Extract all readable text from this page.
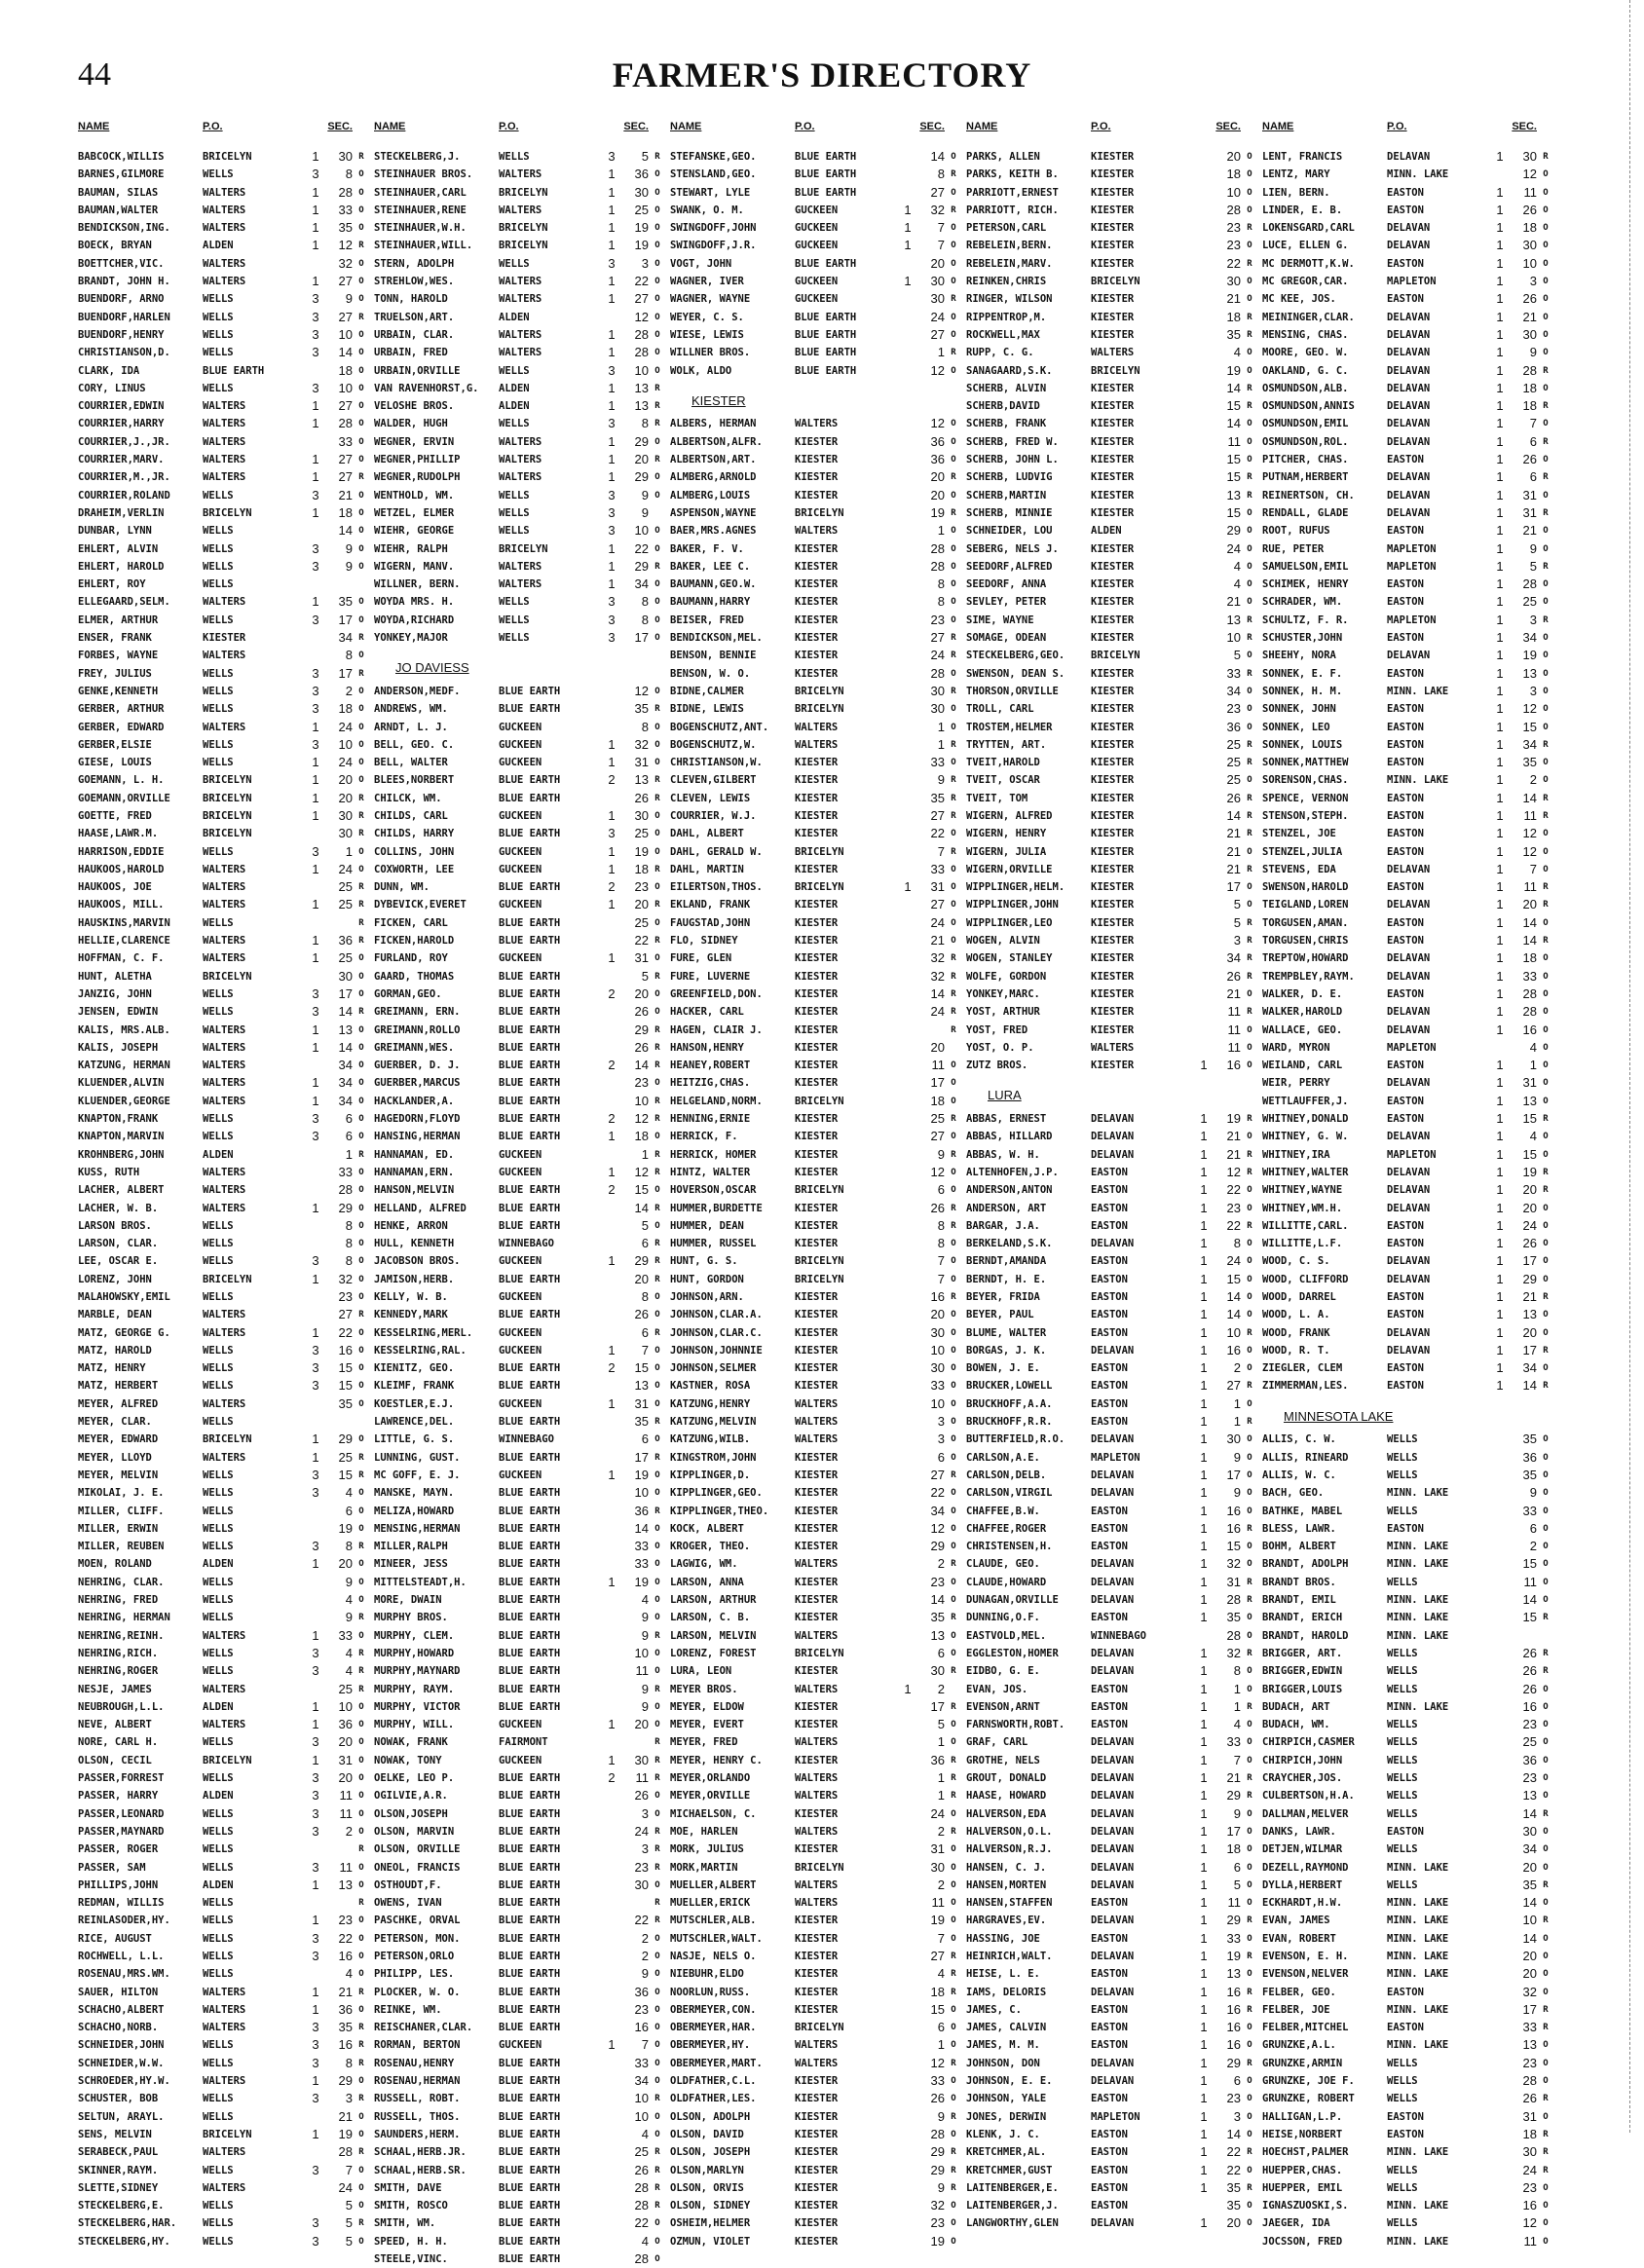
44	FARMER'S DIRECTORY
NAME	P.O.	SEC.
BABCOCK,WILLIS	BRICELYN	1	30 R
BARNES,GILMORE	WELLS	3	8 O
BAUMAN, SILAS	WALTERS	1	28 O
BAUMAN,WALTER	WALTERS	1	33 O
BENDICKSON,ING.	WALTERS	1	35 O
BOECK, BRYAN	ALDEN	1	12 R
BOETTCHER,VIC.	WALTERS	32 O
BRANDT, JOHN H.	WALTERS	1	27 O
BUENDORF, ARNO	WELLS	3	9 O
BUENDORF,HARLEN	WELLS	3	27 R
BUENDORF,HENRY	WELLS	3	10 O
CHRISTIANSON,D.	WELLS	3	14 O
CLARK, IDA	BLUE EARTH	18 O
CORY, LINUS	WELLS	3	10 O
COURRIER,EDWIN	WALTERS	1	27 O
COURRIER,HARRY	WALTERS	1	28 O
COURRIER,J.,JR.	WALTERS	33 O
COURRIER,MARV.	WALTERS	1	27 O
COURRIER,M.,JR.	WALTERS	1	27 R
COURRIER,ROLAND	WELLS	3	21 O
DRAHEIM,VERLIN	BRICELYN	1	18 O
DUNBAR, LYNN	WELLS	14 O
EHLERT, ALVIN	WELLS	3	9 O
EHLERT, HAROLD	WELLS	3	9 O
EHLERT, ROY	WELLS
ELLEGAARD,SELM.	WALTERS	1	35 O
ELMER, ARTHUR	WELLS	3	17 O
ENSER, FRANK	KIESTER	34 R
FORBES, WAYNE	WALTERS	8 O
FREY, JULIUS	WELLS	3	17 R
GENKE,KENNETH	WELLS	3	2 O
GERBER, ARTHUR	WELLS	3	18 O
GERBER, EDWARD	WALTERS	1	24 O
GERBER,ELSIE	WELLS	3	10 O
GIESE, LOUIS	WELLS	1	24 O
GOEMANN, L. H.	BRICELYN	1	20 O
GOEMANN,ORVILLE	BRICELYN	1	20 R
GOETTE, FRED	BRICELYN	1	30 R
HAASE,LAWR.M.	BRICELYN	30 R
HARRISON,EDDIE	WELLS	3	1 O
HAUKOOS,HAROLD	WALTERS	1	24 O
HAUKOOS, JOE	WALTERS	25 R
HAUKOOS, MILL.	WALTERS	1	25 R
HAUSKINS,MARVIN	WELLS	R
HELLIE,CLARENCE	WALTERS	1	36 R
HOFFMAN, C. F.	WALTERS	1	25 O
HUNT, ALETHA	BRICELYN	30 O
JANZIG, JOHN	WELLS	3	17 O
JENSEN, EDWIN	WELLS	3	14 R
KALIS, MRS.ALB.	WALTERS	1	13 O
KALIS, JOSEPH	WALTERS	1	14 O
KATZUNG, HERMAN	WALTERS	34 O
KLUENDER,ALVIN	WALTERS	1	34 O
KLUENDER,GEORGE	WALTERS	1	34 O
KNAPTON,FRANK	WELLS	3	6 O
KNAPTON,MARVIN	WELLS	3	6 O
KROHNBERG,JOHN	ALDEN	1 R
KUSS, RUTH	WALTERS	33 O
LACHER, ALBERT	WALTERS	28 O
LACHER, W. B.	WALTERS	1	29 O
LARSON BROS.	WELLS	8 O
LARSON, CLAR.	WELLS	8 O
LEE, OSCAR E.	WELLS	3	8 O
LORENZ, JOHN	BRICELYN	1	32 O
MALAHOWSKY,EMIL	WELLS	23 O
MARBLE, DEAN	WALTERS	27 R
MATZ, GEORGE G.	WALTERS	1	22 O
MATZ, HAROLD	WELLS	3	16 O
MATZ, HENRY	WELLS	3	15 O
MATZ, HERBERT	WELLS	3	15 O
MEYER, ALFRED	WALTERS	35 O
MEYER, CLAR.	WELLS
MEYER, EDWARD	BRICELYN	1	29 O
MEYER, LLOYD	WALTERS	1	25 R
MEYER, MELVIN	WELLS	3	15 R
MIKOLAI, J. E.	WELLS	3	4 O
MILLER, CLIFF.	WELLS	6 O
MILLER, ERWIN	WELLS	19 O
MILLER, REUBEN	WELLS	3	8 R
MOEN, ROLAND	ALDEN	1	20 O
NEHRING, CLAR.	WELLS	9 O
NEHRING, FRED	WELLS	4 O
NEHRING, HERMAN	WELLS	9 R
NEHRING,REINH.	WALTERS	1	33 O
NEHRING,RICH.	WELLS	3	4 R
NEHRING,ROGER	WELLS	3	4 R
NESJE, JAMES	WALTERS	25 R
NEUBROUGH,L.L.	ALDEN	1	10 O
NEVE, ALBERT	WALTERS	1	36 O
NORE, CARL H.	WELLS	3	20 O
OLSON, CECIL	BRICELYN	1	31 O
PASSER,FORREST	WELLS	3	20 O
PASSER, HARRY	ALDEN	3	11 O
PASSER,LEONARD	WELLS	3	11 O
PASSER,MAYNARD	WELLS	3	2 O
PASSER, ROGER	WELLS	R
PASSER, SAM	WELLS	3	11 O
PHILLIPS,JOHN	ALDEN	1	13 O
REDMAN, WILLIS	WELLS	R
REINLASODER,HY.	WELLS	1	23 O
RICE, AUGUST	WELLS	3	22 O
ROCHWELL, L.L.	WELLS	3	16 O
ROSENAU,MRS.WM.	WELLS	4 O
SAUER, HILTON	WALTERS	1	21 R
SCHACHO,ALBERT	WALTERS	1	36 O
SCHACHO,NORB.	WALTERS	3	35 R
SCHNEIDER,JOHN	WELLS	3	16 R
SCHNEIDER,W.W.	WELLS	3	8 R
SCHROEDER,HY.W.	WALTERS	1	29 O
SCHUSTER, BOB	WELLS	3	3 R
SELTUN, ARAYL.	WELLS	21 O
SENS, MELVIN	BRICELYN	1	19 O
SERABECK,PAUL	WALTERS	28 R
SKINNER,RAYM.	WELLS	3	7 O
SLETTE,SIDNEY	WALTERS	24 O
STECKELBERG,E.	WELLS	5 O
STECKELBERG,HAR.	WELLS	3	5 R
STECKELBERG,HY.	WELLS	3	5 O
NAME	P.O.	SEC.
STECKELBERG,J.	WELLS	3	5 R
STEINHAUER BROS.	WALTERS	1	36 O
STEINHAUER,CARL	BRICELYN	1	30 O
STEINHAUER,RENE	WALTERS	1	25 O
STEINHAUER,W.H.	BRICELYN	1	19 O
STEINHAUER,WILL.	BRICELYN	1	19 O
STERN, ADOLPH	WELLS	3	3 O
STREHLOW,WES.	WALTERS	1	22 O
TONN, HAROLD	WALTERS	1	27 O
TRUELSON,ART.	ALDEN	12 O
URBAIN, CLAR.	WALTERS	1	28 O
URBAIN, FRED	WALTERS	1	28 O
URBAIN,ORVILLE	WELLS	3	10 O
VAN RAVENHORST,G.	ALDEN	1	13 R
VELOSHE BROS.	ALDEN	1	13 R
WALDER, HUGH	WELLS	3	8 R
WEGNER, ERVIN	WALTERS	1	29 O
WEGNER,PHILLIP	WALTERS	1	20 R
WEGNER,RUDOLPH	WALTERS	1	29 O
WENTHOLD, WM.	WELLS	3	9 O
WETZEL, ELMER	WELLS	3	9
WIEHR, GEORGE	WELLS	3	10 O
WIEHR, RALPH	BRICELYN	1	22 O
WIGERN, MANV.	WALTERS	1	29 R
WILLNER, BERN.	WALTERS	1	34 O
WOYDA MRS. H.	WELLS	3	8 O
WOYDA,RICHARD	WELLS	3	8 O
YONKEY,MAJOR	WELLS	3	17 O
JO DAVIESS
ANDERSON,MEDF.	BLUE EARTH	12 O
ANDREWS, WM.	BLUE EARTH	35 R
ARNDT, L. J.	GUCKEEN	8 O
BELL, GEO. C.	GUCKEEN	1	32 O
BELL, WALTER	GUCKEEN	1	31 O
BLEES,NORBERT	BLUE EARTH	2	13 R
CHILCK, WM.	BLUE EARTH	26 R
CHILDS, CARL	GUCKEEN	1	30 O
CHILDS, HARRY	BLUE EARTH	3	25 O
COLLINS, JOHN	GUCKEEN	1	19 O
COXWORTH, LEE	GUCKEEN	1	18 R
DUNN, WM.	BLUE EARTH	2	23 O
DYBEVICK,EVERET	GUCKEEN	1	20 R
FICKEN, CARL	BLUE EARTH	25 O
FICKEN,HAROLD	BLUE EARTH	22 R
FURLAND, ROY	GUCKEEN	1	31 O
GAARD, THOMAS	BLUE EARTH	5 R
GORMAN,GEO.	BLUE EARTH	2	20 O
GREIMANN, ERN.	BLUE EARTH	26 O
GREIMANN,ROLLO	BLUE EARTH	29 R
GREIMANN,WES.	BLUE EARTH	26 R
GUERBER, D. J.	BLUE EARTH	2	14 R
GUERBER,MARCUS	BLUE EARTH	23 O
HACKLANDER,A.	BLUE EARTH	10 R
HAGEDORN,FLOYD	BLUE EARTH	2	12 R
HANSING,HERMAN	BLUE EARTH	1	18 O
HANNAMAN, ED.	GUCKEEN	1 R
HANNAMAN,ERN.	GUCKEEN	1	12 R
HANSON,MELVIN	BLUE EARTH	2	15 O
HELLAND, ALFRED	BLUE EARTH	14 R
HENKE, ARRON	BLUE EARTH	5 O
HULL, KENNETH	WINNEBAGO	6 R
JACOBSON BROS.	GUCKEEN	1	29 R
JAMISON,HERB.	BLUE EARTH	20 R
KELLY, W. B.	GUCKEEN	8 O
KENNEDY,MARK	BLUE EARTH	26 O
KESSELRING,MERL.	GUCKEEN	6 R
KESSELRING,RAL.	GUCKEEN	1	7 O
KIENITZ, GEO.	BLUE EARTH	2	15 O
KLEIMF, FRANK	BLUE EARTH	13 O
KOESTLER,E.J.	GUCKEEN	1	31 O
LAWRENCE,DEL.	BLUE EARTH	35 R
LITTLE, G. S.	WINNEBAGO	6 O
LUNNING, GUST.	BLUE EARTH	17 R
MC GOFF, E. J.	GUCKEEN	1	19 O
MANSKE, MAYN.	BLUE EARTH	10 O
MELIZA,HOWARD	BLUE EARTH	36 R
MENSING,HERMAN	BLUE EARTH	14 O
MILLER,RALPH	BLUE EARTH	33 O
MINEER, JESS	BLUE EARTH	33 O
MITTELSTEADT,H.	BLUE EARTH	1	19 O
MORE, DWAIN	BLUE EARTH	4 O
MURPHY BROS.	BLUE EARTH	9 O
MURPHY, CLEM.	BLUE EARTH	9 R
MURPHY,HOWARD	BLUE EARTH	10 O
MURPHY,MAYNARD	BLUE EARTH	11 O
MURPHY, RAYM.	BLUE EARTH	9 R
MURPHY, VICTOR	BLUE EARTH	9 O
MURPHY, WILL.	GUCKEEN	1	20 O
NOWAK, FRANK	FAIRMONT	R
NOWAK, TONY	GUCKEEN	1	30 R
OELKE, LEO P.	BLUE EARTH	2	11 R
OGILVIE,A.R.	BLUE EARTH	26 O
OLSON,JOSEPH	BLUE EARTH	3 O
OLSON, MARVIN	BLUE EARTH	24 R
OLSON, ORVILLE	BLUE EARTH	3 R
ONEOL, FRANCIS	BLUE EARTH	23 R
OSTHOUDT,F.	BLUE EARTH	30 O
OWENS, IVAN	BLUE EARTH	R
PASCHKE, ORVAL	BLUE EARTH	22 R
PETERSON, MON.	BLUE EARTH	2 O
PETERSON,ORLO	BLUE EARTH	2 O
PHILIPP, LES.	BLUE EARTH	9 O
PLOCKER, W. O.	BLUE EARTH	36 O
REINKE, WM.	BLUE EARTH	23 O
REISCHANER,CLAR.	BLUE EARTH	16 O
RORMAN, BERTON	GUCKEEN	1	7 O
ROSENAU,HENRY	BLUE EARTH	33 O
ROSENAU,HERMAN	BLUE EARTH	34 O
RUSSELL, ROBT.	BLUE EARTH	10 R
RUSSELL, THOS.	BLUE EARTH	10 O
SAUNDERS,HERM.	BLUE EARTH	4 O
SCHAAL,HERB.JR.	BLUE EARTH	25 R
SCHAAL,HERB.SR.	BLUE EARTH	26 R
SMITH, DAVE	BLUE EARTH	28 R
SMITH, ROSCO	BLUE EARTH	28 R
SMITH, WM.	BLUE EARTH	22 O
SPEED, H. H.	BLUE EARTH	4 O
STEELE,VINC.	BLUE EARTH	28 O
NAME	P.O.	SEC.
STEFANSKE,GEO.	BLUE EARTH	14 O
STENSLAND,GEO.	BLUE EARTH	8 R
STEWART, LYLE	BLUE EARTH	27 O
SWANK, O. M.	GUCKEEN	1	32 R
SWINGDOFF,JOHN	GUCKEEN	1	7 O
SWINGDOFF,J.R.	GUCKEEN	1	7 O
VOGT, JOHN	BLUE EARTH	20 O
WAGNER, IVER	GUCKEEN	1	30 O
WAGNER, WAYNE	GUCKEEN	30 R
WEYER, C. S.	BLUE EARTH	24 O
WIESE, LEWIS	BLUE EARTH	27 O
WILLNER BROS.	BLUE EARTH	1 R
WOLK, ALDO	BLUE EARTH	12 O
KIESTER
ALBERS, HERMAN	WALTERS	12 O
ALBERTSON,ALFR.	KIESTER	36 O
ALBERTSON,ART.	KIESTER	36 O
ALMBERG,ARNOLD	KIESTER	20 R
ALMBERG,LOUIS	KIESTER	20 O
ASPENSON,WAYNE	BRICELYN	19 R
BAER,MRS.AGNES	WALTERS	1 O
BAKER, F. V.	KIESTER	28 O
BAKER, LEE C.	KIESTER	28 O
BAUMANN,GEO.W.	KIESTER	8 O
BAUMANN,HARRY	KIESTER	8 O
BEISER, FRED	KIESTER	23 O
BENDICKSON,MEL.	KIESTER	27 R
BENSON, BENNIE	KIESTER	24 R
BENSON, W. O.	KIESTER	28 O
BIDNE,CALMER	BRICELYN	30 R
BIDNE, LEWIS	BRICELYN	30 O
BOGENSCHUTZ,ANT.	WALTERS	1 O
BOGENSCHUTZ,W.	WALTERS	1 R
CHRISTIANSON,W.	KIESTER	33 O
CLEVEN,GILBERT	KIESTER	9 R
CLEVEN, LEWIS	KIESTER	35 R
COURRIER, W.J.	KIESTER	27 R
DAHL, ALBERT	KIESTER	22 O
DAHL, GERALD W.	BRICELYN	7 R
DAHL, MARTIN	KIESTER	33 O
EILERTSON,THOS.	BRICELYN	1	31 O
EKLAND, FRANK	KIESTER	27 O
FAUGSTAD,JOHN	KIESTER	24 O
FLO, SIDNEY	KIESTER	21 O
FURE, GLEN	KIESTER	32 R
FURE, LUVERNE	KIESTER	32 R
GREENFIELD,DON.	KIESTER	14 R
HACKER, CARL	KIESTER	24 R
HAGEN, CLAIR J.	KIESTER	R
HANSON,HENRY	KIESTER	20
HEANEY,ROBERT	KIESTER	11 O
HEITZIG,CHAS.	KIESTER	17 O
HELGELAND,NORM.	BRICELYN	18 O
HENNING,ERNIE	KIESTER	25 R
HERRICK, F.	KIESTER	27 O
HERRICK, HOMER	KIESTER	9 R
HINTZ, WALTER	KIESTER	12 O
HOVERSON,OSCAR	BRICELYN	6 O
HUMMER,BURDETTE	KIESTER	26 R
HUMMER, DEAN	KIESTER	8 R
HUMMER, RUSSEL	KIESTER	8 O
HUNT, G. S.	BRICELYN	7 O
HUNT, GORDON	BRICELYN	7 O
JOHNSON,ARN.	KIESTER	16 R
JOHNSON,CLAR.A.	KIESTER	20 O
JOHNSON,CLAR.C.	KIESTER	30 O
JOHNSON,JOHNNIE	KIESTER	10 O
JOHNSON,SELMER	KIESTER	30 O
KASTNER, ROSA	KIESTER	33 O
KATZUNG,HENRY	WALTERS	10 O
KATZUNG,MELVIN	WALTERS	3 O
KATZUNG,WILB.	WALTERS	3 O
KINGSTROM,JOHN	KIESTER	6 O
KIPPLINGER,D.	KIESTER	27 R
KIPPLINGER,GEO.	KIESTER	22 O
KIPPLINGER,THEO.	KIESTER	34 O
KOCK, ALBERT	KIESTER	12 O
KROGER, THEO.	KIESTER	29 O
LAGWIG, WM.	WALTERS	2 R
LARSON, ANNA	KIESTER	23 O
LARSON, ARTHUR	KIESTER	14 O
LARSON, C. B.	KIESTER	35 R
LARSON, MELVIN	WALTERS	13 O
LORENZ, FOREST	BRICELYN	6 O
LURA, LEON	KIESTER	30 R
MEYER BROS.	WALTERS	1	2
MEYER, ELDOW	KIESTER	17 R
MEYER, EVERT	KIESTER	5 O
MEYER, FRED	WALTERS	1 O
MEYER, HENRY C.	KIESTER	36 R
MEYER,ORLANDO	WALTERS	1 R
MEYER,ORVILLE	WALTERS	1 R
MICHAELSON, C.	KIESTER	24 O
MOE, HARLEN	WALTERS	2 R
MORK, JULIUS	KIESTER	31 O
MORK,MARTIN	BRICELYN	30 O
MUELLER,ALBERT	WALTERS	2 O
MUELLER,ERICK	WALTERS	11 O
MUTSCHLER,ALB.	KIESTER	19 O
MUTSCHLER,WALT.	KIESTER	7 O
NASJE, NELS O.	KIESTER	27 R
NIEBUHR,ELDO	KIESTER	4 R
NOORLUN,RUSS.	KIESTER	18 R
OBERMEYER,CON.	KIESTER	15 O
OBERMEYER,HAR.	BRICELYN	6 O
OBERMEYER,HY.	WALTERS	1 O
OBERMEYER,MART.	WALTERS	12 R
OLDFATHER,C.L.	KIESTER	33 O
OLDFATHER,LES.	KIESTER	26 O
OLSON, ADOLPH	KIESTER	9 R
OLSON, DAVID	KIESTER	28 O
OLSON, JOSEPH	KIESTER	29 R
OLSON,MARLYN	KIESTER	29 R
OLSON, ORVIS	KIESTER	9 R
OLSON, SIDNEY	KIESTER	32 O
OSHEIM,HELMER	KIESTER	23 O
OZMUN, VIOLET	KIESTER	19 O
NAME	P.O.	SEC.
PARKS, ALLEN	KIESTER	20 O
PARKS, KEITH B.	KIESTER	18 O
PARRIOTT,ERNEST	KIESTER	10 O
PARRIOTT, RICH.	KIESTER	28 O
PETERSON,CARL	KIESTER	23 R
REBELEIN,BERN.	KIESTER	23 O
REBELEIN,MARV.	KIESTER	22 R
REINKEN,CHRIS	BRICELYN	30 O
RINGER, WILSON	KIESTER	21 O
RIPPENTROP,M.	KIESTER	18 R
ROCKWELL,MAX	KIESTER	35 R
RUPP, C. G.	WALTERS	4 O
SANAGAARD,S.K.	BRICELYN	19 O
SCHERB, ALVIN	KIESTER	14 R
SCHERB,DAVID	KIESTER	15 R
SCHERB, FRANK	KIESTER	14 O
SCHERB, FRED W.	KIESTER	11 O
SCHERB, JOHN L.	KIESTER	15 O
SCHERB, LUDVIG	KIESTER	15 R
SCHERB,MARTIN	KIESTER	13 R
SCHERB, MINNIE	KIESTER	15 O
SCHNEIDER, LOU	ALDEN	29 O
SEBERG, NELS J.	KIESTER	24 O
SEEDORF,ALFRED	KIESTER	4 O
SEEDORF, ANNA	KIESTER	4 O
SEVLEY, PETER	KIESTER	21 O
SIME, WAYNE	KIESTER	13 R
SOMAGE, ODEAN	KIESTER	10 R
STECKELBERG,GEO.	BRICELYN	5 O
SWENSON, DEAN S.	KIESTER	33 R
THORSON,ORVILLE	KIESTER	34 O
TROLL, CARL	KIESTER	23 O
TROSTEM,HELMER	KIESTER	36 O
TRYTTEN, ART.	KIESTER	25 R
TVEIT,HAROLD	KIESTER	25 R
TVEIT, OSCAR	KIESTER	25 O
TVEIT, TOM	KIESTER	26 R
WIGERN, ALFRED	KIESTER	14 R
WIGERN, HENRY	KIESTER	21 R
WIGERN, JULIA	KIESTER	21 O
WIGERN,ORVILLE	KIESTER	21 R
WIPPLINGER,HELM.	KIESTER	17 O
WIPPLINGER,JOHN	KIESTER	5 O
WIPPLINGER,LEO	KIESTER	5 R
WOGEN, ALVIN	KIESTER	3 R
WOGEN, STANLEY	KIESTER	34 R
WOLFE, GORDON	KIESTER	26 R
YONKEY,MARC.	KIESTER	21 O
YOST, ARTHUR	KIESTER	11 R
YOST, FRED	KIESTER	11 O
YOST, O. P.	WALTERS	11 O
ZUTZ BROS.	KIESTER	1	16 O
LURA
ABBAS, ERNEST	DELAVAN	1	19 R
ABBAS, HILLARD	DELAVAN	1	21 O
ABBAS, W. H.	DELAVAN	1	21 R
ALTENHOFEN,J.P.	EASTON	1	12 R
ANDERSON,ANTON	EASTON	1	22 O
ANDERSON, ART	EASTON	1	23 O
BARGAR, J.A.	EASTON	1	22 R
BERKELAND,S.K.	DELAVAN	1	8 O
BERNDT,AMANDA	EASTON	1	24 O
BERNDT, H. E.	EASTON	1	15 O
BEYER, FRIDA	EASTON	1	14 O
BEYER, PAUL	EASTON	1	14 O
BLUME, WALTER	EASTON	1	10 R
BORGAS, J. K.	DELAVAN	1	16 O
BOWEN, J. E.	EASTON	1	2 O
BRUCKER,LOWELL	EASTON	1	27 R
BRUCKHOFF,A.A.	EASTON	1	1 O
BRUCKHOFF,R.R.	EASTON	1	1 R
BUTTERFIELD,R.O.	DELAVAN	1	30 O
CARLSON,A.E.	MAPLETON	1	9 O
CARLSON,DELB.	DELAVAN	1	17 O
CARLSON,VIRGIL	DELAVAN	1	9 O
CHAFFEE,B.W.	EASTON	1	16 O
CHAFFEE,ROGER	EASTON	1	16 R
CHRISTENSEN,H.	EASTON	1	15 O
CLAUDE, GEO.	DELAVAN	1	32 O
CLAUDE,HOWARD	DELAVAN	1	31 R
DUNAGAN,ORVILLE	DELAVAN	1	28 R
DUNNING,O.F.	EASTON	1	35 O
EASTVOLD,MEL.	WINNEBAGO	28 O
EGGLESTON,HOMER	DELAVAN	1	32 R
EIDBO, G. E.	DELAVAN	1	8 O
EVAN, JOS.	EASTON	1	1 O
EVENSON,ARNT	EASTON	1	1 R
FARNSWORTH,ROBT.	EASTON	1	4 O
GRAF, CARL	DELAVAN	1	33 O
GROTHE, NELS	DELAVAN	1	7 O
GROUT, DONALD	DELAVAN	1	21 R
HAASE, HOWARD	DELAVAN	1	29 R
HALVERSON,EDA	DELAVAN	1	9 O
HALVERSON,O.L.	DELAVAN	1	17 O
HALVERSON,R.J.	DELAVAN	1	18 O
HANSEN, C. J.	DELAVAN	1	6 O
HANSEN,MORTEN	DELAVAN	1	5 O
HANSEN,STAFFEN	EASTON	1	11 O
HARGRAVES,EV.	DELAVAN	1	29 R
HASSING, JOE	EASTON	1	33 O
HEINRICH,WALT.	DELAVAN	1	19 R
HEISE, L. E.	EASTON	1	13 O
IAMS, DELORIS	DELAVAN	1	16 R
JAMES, C.	EASTON	1	16 R
JAMES, CALVIN	EASTON	1	16 O
JAMES, M. M.	EASTON	1	16 O
JOHNSON, DON	DELAVAN	1	29 R
JOHNSON, E. E.	DELAVAN	1	6 O
JOHNSON, YALE	EASTON	1	23 O
JONES, DERWIN	MAPLETON	1	3 O
KLENK, J. C.	EASTON	1	14 O
KRETCHMER,AL.	EASTON	1	22 R
KRETCHMER,GUST	EASTON	1	22 O
LAITENBERGER,E.	EASTON	1	35 R
LAITENBERGER,J.	EASTON	35 O
LANGWORTHY,GLEN	DELAVAN	1	20 O
NAME	P.O.	SEC.
LENT, FRANCIS	DELAVAN	1	30 R
LENTZ, MARY	MINN. LAKE	12 O
LIEN, BERN.	EASTON	1	11 O
LINDER, E. B.	EASTON	1	26 O
LOKENSGARD,CARL	DELAVAN	1	18 O
LUCE, ELLEN G.	DELAVAN	1	30 O
MC DERMOTT,K.W.	EASTON	1	10 O
MC GREGOR,CAR.	MAPLETON	1	3 O
MC KEE, JOS.	EASTON	1	26 O
MEININGER,CLAR.	DELAVAN	1	21 O
MENSING, CHAS.	DELAVAN	1	30 O
MOORE, GEO. W.	DELAVAN	1	9 O
OAKLAND, G. C.	DELAVAN	1	28 R
OSMUNDSON,ALB.	DELAVAN	1	18 O
OSMUNDSON,ANNIS	DELAVAN	1	18 R
OSMUNDSON,EMIL	DELAVAN	1	7 O
OSMUNDSON,ROL.	DELAVAN	1	6 R
PITCHER, CHAS.	EASTON	1	26 O
PUTNAM,HERBERT	DELAVAN	1	6 R
REINERTSON, CH.	DELAVAN	1	31 O
RENDALL, GLADE	DELAVAN	1	31 R
ROOT, RUFUS	EASTON	1	21 O
RUE, PETER	MAPLETON	1	9 O
SAMUELSON,EMIL	MAPLETON	1	5 R
SCHIMEK, HENRY	EASTON	1	28 O
SCHRADER, WM.	EASTON	1	25 O
SCHULTZ, F. R.	MAPLETON	1	3 R
SCHUSTER,JOHN	EASTON	1	34 O
SHEEHY, NORA	DELAVAN	1	19 O
SONNEK, E. F.	EASTON	1	13 O
SONNEK, H. M.	MINN. LAKE	1	3 O
SONNEK, JOHN	EASTON	1	12 O
SONNEK, LEO	EASTON	1	15 O
SONNEK, LOUIS	EASTON	1	34 R
SONNEK,MATTHEW	EASTON	1	35 O
SORENSON,CHAS.	MINN. LAKE	1	2 O
SPENCE, VERNON	EASTON	1	14 R
STENSON,STEPH.	EASTON	1	11 R
STENZEL, JOE	EASTON	1	12 O
STENZEL,JULIA	EASTON	1	12 O
STEVENS, EDA	DELAVAN	1	7 O
SWENSON,HAROLD	EASTON	1	11 R
TEIGLAND,LOREN	DELAVAN	1	20 R
TORGUSEN,AMAN.	EASTON	1	14 O
TORGUSEN,CHRIS	EASTON	1	14 R
TREPTOW,HOWARD	DELAVAN	1	18 O
TREMPBLEY,RAYM.	DELAVAN	1	33 O
WALKER, D. E.	EASTON	1	28 O
WALKER,HAROLD	DELAVAN	1	28 O
WALLACE, GEO.	DELAVAN	1	16 O
WARD, MYRON	MAPLETON	4 O
WEILAND, CARL	EASTON	1	1 O
WEIR, PERRY	DELAVAN	1	31 O
WETTLAUFFER,J.	EASTON	1	13 O
WHITNEY,DONALD	EASTON	1	15 R
WHITNEY, G. W.	DELAVAN	1	4 O
WHITNEY,IRA	MAPLETON	1	15 O
WHITNEY,WALTER	DELAVAN	1	19 R
WHITNEY,WAYNE	DELAVAN	1	20 R
WHITNEY,WM.H.	DELAVAN	1	20 O
WILLITTE,CARL.	EASTON	1	24 O
WILLITTE,L.F.	EASTON	1	26 O
WOOD, C. S.	DELAVAN	1	17 O
WOOD, CLIFFORD	DELAVAN	1	29 O
WOOD, DARREL	EASTON	1	21 R
WOOD, L. A.	EASTON	1	13 O
WOOD, FRANK	DELAVAN	1	20 O
WOOD, R. T.	DELAVAN	1	17 R
ZIEGLER, CLEM	EASTON	1	34 O
ZIMMERMAN,LES.	EASTON	1	14 R
MINNESOTA LAKE
ALLIS, C. W.	WELLS	35 O
ALLIS, RINEARD	WELLS	36 O
ALLIS, W. C.	WELLS	35 O
BACH, GEO.	MINN. LAKE	9 O
BATHKE, MABEL	WELLS	33 O
BLESS, LAWR.	EASTON	6 O
BOHM, ALBERT	MINN. LAKE	2 O
BRANDT, ADOLPH	MINN. LAKE	15 O
BRANDT BROS.	WELLS	11 O
BRANDT, EMIL	MINN. LAKE	14 O
BRANDT, ERICH	MINN. LAKE	15 R
BRANDT, HAROLD	MINN. LAKE
BRIGGER, ART.	WELLS	26 R
BRIGGER,EDWIN	WELLS	26 R
BRIGGER,LOUIS	WELLS	26 O
BUDACH, ART	MINN. LAKE	16 O
BUDACH, WM.	WELLS	23 O
CHIRPICH,CASMER	WELLS	25 O
CHIRPICH,JOHN	WELLS	36 O
CRAYCHER,JOS.	WELLS	23 O
CULBERTSON,H.A.	WELLS	13 O
DALLMAN,MELVER	WELLS	14 R
DANKS, LAWR.	EASTON	30 O
DETJEN,WILMAR	WELLS	34 O
DEZELL,RAYMOND	MINN. LAKE	20 O
DYLLA,HERBERT	WELLS	35 R
ECKHARDT,H.W.	MINN. LAKE	14 O
EVAN, JAMES	MINN. LAKE	10 R
EVAN, ROBERT	MINN. LAKE	14 O
EVENSON, E. H.	MINN. LAKE	20 O
EVENSON,NELVER	MINN. LAKE	20 O
FELBER, GEO.	EASTON	32 O
FELBER, JOE	MINN. LAKE	17 R
FELBER,MITCHEL	EASTON	33 R
GRUNZKE,A.L.	MINN. LAKE	13 O
GRUNZKE,ARMIN	WELLS	23 O
GRUNZKE, JOE F.	WELLS	28 O
GRUNZKE, ROBERT	WELLS	26 R
HALLIGAN,L.P.	EASTON	31 O
HEISE,NORBERT	EASTON	18 R
HOECHST,PALMER	MINN. LAKE	30 R
HUEPPER,CHAS.	WELLS	24 R
HUEPPER, EMIL	WELLS	23 O
IGNASZUOSKI,S.	MINN. LAKE	16 O
JAEGER, IDA	WELLS	12 O
JOCSSON, FRED	MINN. LAKE	11 O
